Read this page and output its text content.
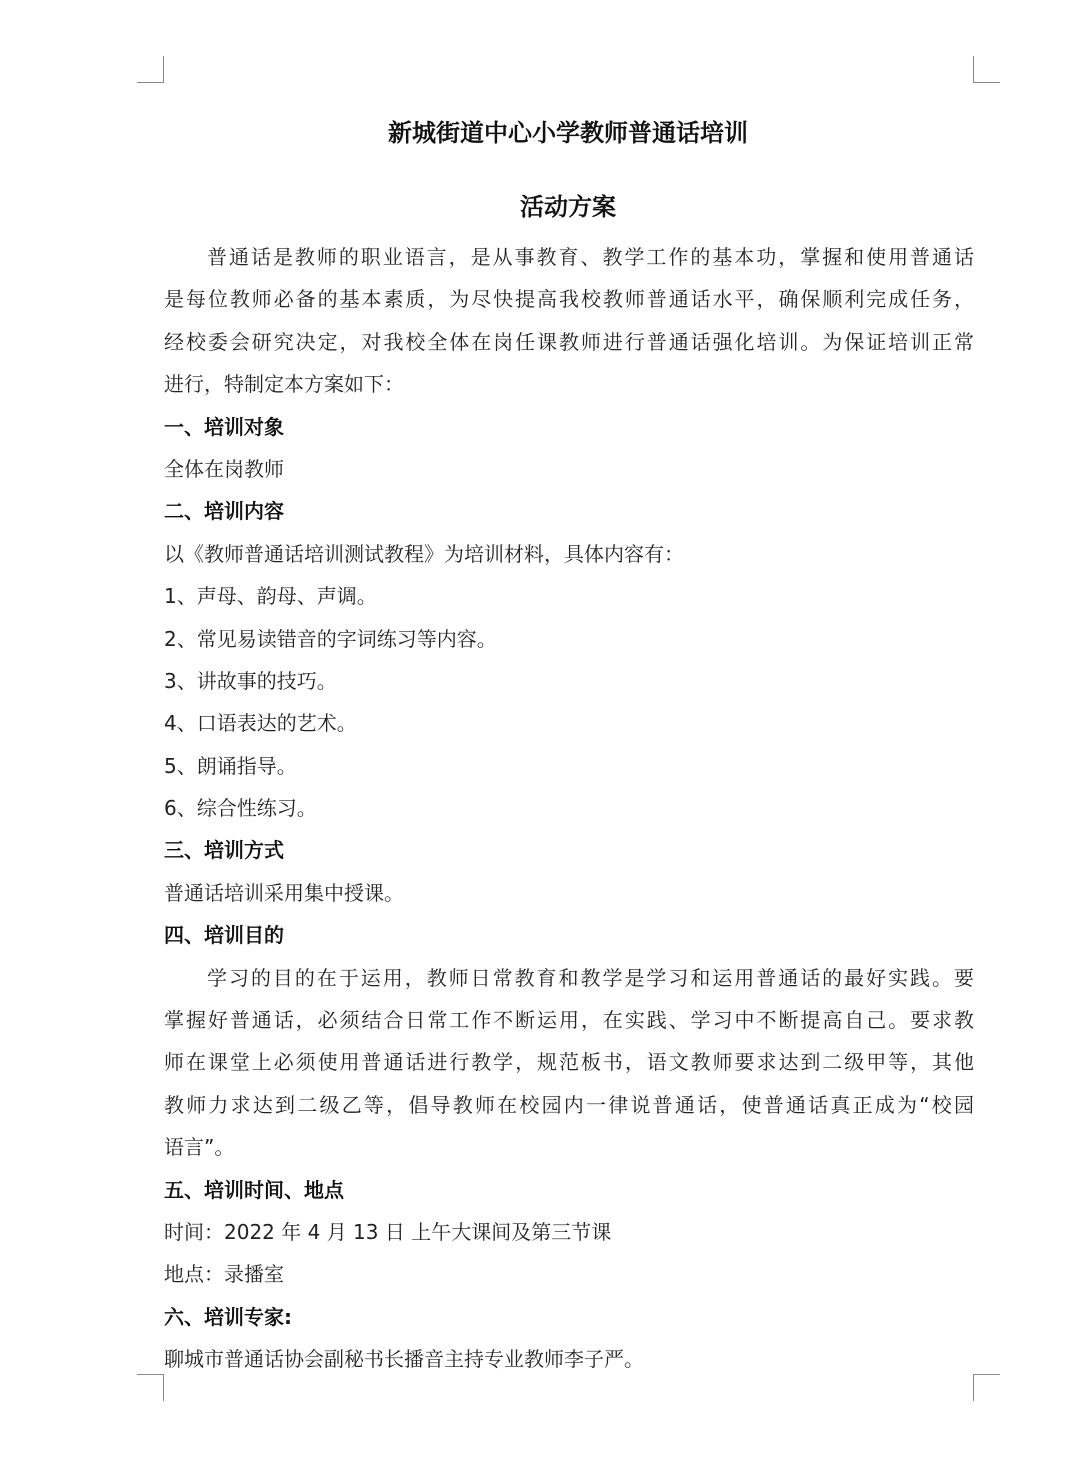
新城街道中心小学教师普通话培训
活动方案
普通话是教师的职业语言，是从事教育、教学工作的基本功，掌握和使用普通话
是每位教师必备的基本素质，为尽快提高我校教师普通话水平，确保顺利完成任务，
经校委会研究决定，对我校全体在岗任课教师进行普通话强化培训。为保证培训正常
进行，特制定本方案如下：
一、培训对象
全体在岗教师
二、培训内容
以《教师普通话培训测试教程》为培训材料，具体内容有：
1、声母、韵母、声调。
2、常见易读错音的字词练习等内容。
3、讲故事的技巧。
4、口语表达的艺术。
5、朗诵指导。
6、综合性练习。
三、培训方式
普通话培训采用集中授课。
四、培训目的
学习的目的在于运用，教师日常教育和教学是学习和运用普通话的最好实践。要
掌握好普通话，必须结合日常工作不断运用，在实践、学习中不断提高自己。要求教
师在课堂上必须使用普通话进行教学，规范板书，语文教师要求达到二级甲等，其他
教师力求达到二级乙等，倡导教师在校园内一律说普通话，使普通话真正成为“校园
语言”。
五、培训时间、地点
时间：2022 年 4 月 13 日 上午大课间及第三节课
地点：录播室
六、培训专家:
聊城市普通话协会副秘书长播音主持专业教师李子严。
